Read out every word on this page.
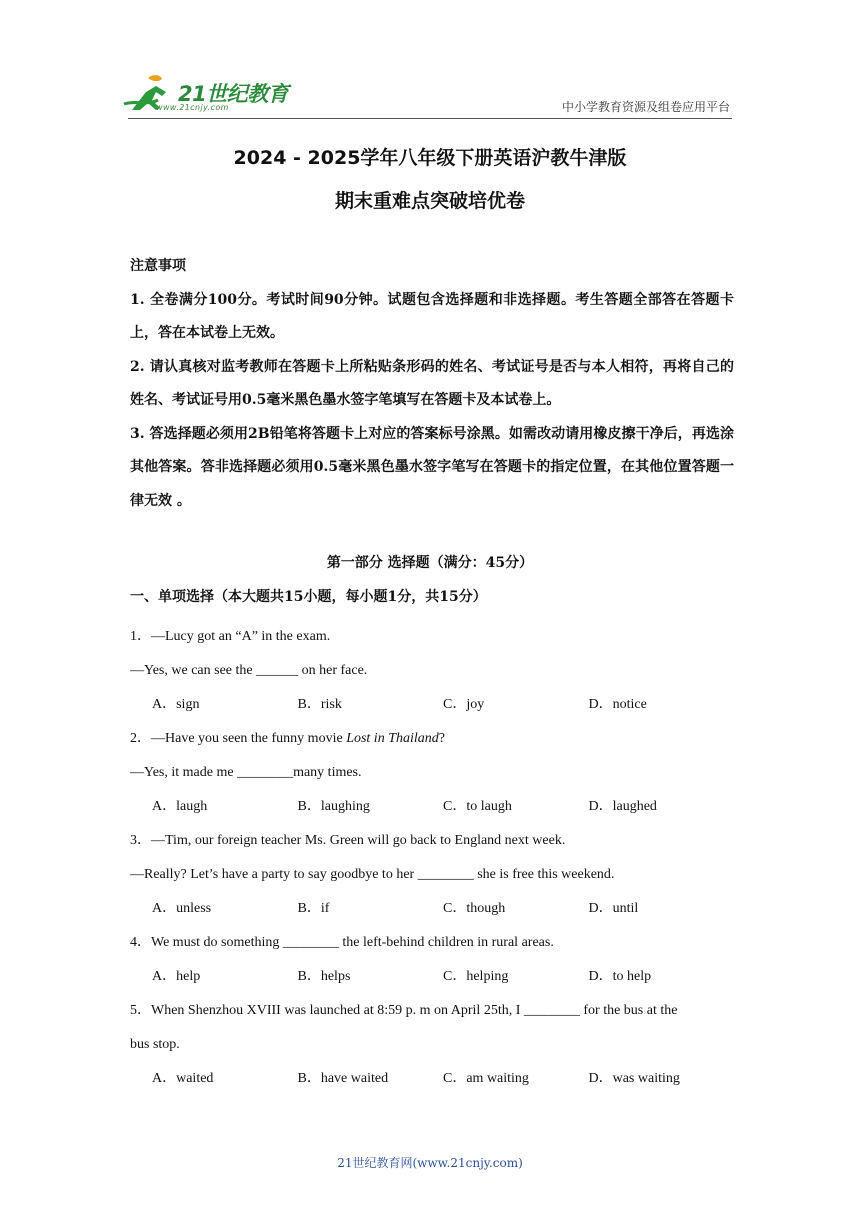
21世纪教育
www.21cnjy.com	中小学教育资源及组卷应用平台
2024 - 2025学年八年级下册英语沪教牛津版
期末重难点突破培优卷
注意事项

1. 全卷满分100分。考试时间90分钟。试题包含选择题和非选择题。考生答题全部答在答题卡上，答在本试卷上无效。

2. 请认真核对监考教师在答题卡上所粘贴条形码的姓名、考试证号是否与本人相符，再将自己的姓名、考试证号用0.5毫米黑色墨水签字笔填写在答题卡及本试卷上。

3. 答选择题必须用2B铅笔将答题卡上对应的答案标号涂黑。如需改动请用橡皮擦干净后，再选涂其他答案。答非选择题必须用0.5毫米黑色墨水签字笔写在答题卡的指定位置，在其他位置答题一律无效 。

第一部分 选择题（满分：45分）
一、单项选择（本大题共15小题，每小题1分，共15分）
1．—Lucy got an “A” in the exam.
—Yes, we can see the ______ on her face.
A．sign	B．risk	C．joy	D．notice
2．—Have you seen the funny movie Lost in Thailand?
—Yes, it made me ________many times.
A．laugh	B．laughing	C．to laugh	D．laughed
3．—Tim, our foreign teacher Ms. Green will go back to England next week.
—Really? Let’s have a party to say goodbye to her ________ she is free this weekend.
A．unless	B．if	C．though	D．until
4．We must do something ________ the left-behind children in rural areas.
A．help	B．helps	C．helping	D．to help
5．When Shenzhou XVIII was launched at 8:59 p. m on April 25th, I ________ for the bus at the
bus stop.
A．waited	B．have waited	C．am waiting	D．was waiting
21世纪教育网(www.21cnjy.com)
